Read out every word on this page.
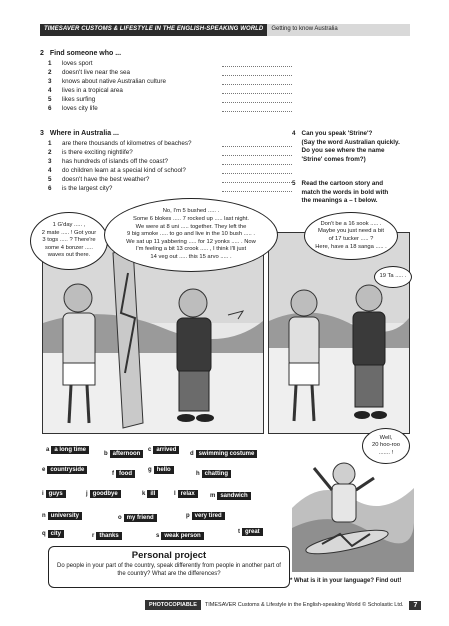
TIMESAVER CUSTOMS & LIFESTYLE IN THE ENGLISH-SPEAKING WORLD	Getting to know Australia
2 Find someone who ...
1	loves sport
2	doesn't live near the sea
3	knows about native Australian culture
4	lives in a tropical area
5	likes surfing
6	loves city life
3 Where in Australia ...
1	are there thousands of kilometres of beaches?
2	is there exciting nightlife?
3	has hundreds of islands off the coast?
4	do children learn at a special kind of school?
5	doesn't have the best weather?
6	is the largest city?
4 Can you speak 'Strine'?
(Say the word Australian quickly.
Do you see where the name
'Strine' comes from?)
5 Read the cartoon story and
match the words in bold with
the meanings a – t below.
1 G'day ..... ,
2 mate ..... ! Got your
3 togs ..... ? There're
some 4 bonzer .....
waves out there.
No, I'm 5 bushed ..... .
Some 6 blokes ..... 7 rocked up ..... last night.
We were at 8 uni ..... together. They left the
9 big smoke ..... to go and live in the 10 bush ..... .
We sat up 11 yabbering ..... for 12 yonks ..... . Now
I'm feeling a bit 13 crook ..... , I think I'll just
14 veg out ..... this 15 arvo ..... .
Don't be a 16 sook ..... .
Maybe you just need a bit
of 17 tucker ..... ?
Here, have a 18 sanga ..... .
19 Ta ..... .
Well,
20 hoo-roo
....... !
a a long time
b afternoon
c arrived
d swimming costume
e countryside
f food
g hello
h chatting
i guys	j goodbye	k ill	l relax	m sandwich
n university	o my friend	p very tired
q city	r thanks	s weak person
t great
Personal project
Do people in your part of the country, speak differently from people in another part of the country? What are the differences?
* What is it in your language? Find out!
PHOTOCOPIABLE	TIMESAVER Customs & Lifestyle in the English-speaking World © Scholastic Ltd.	7
